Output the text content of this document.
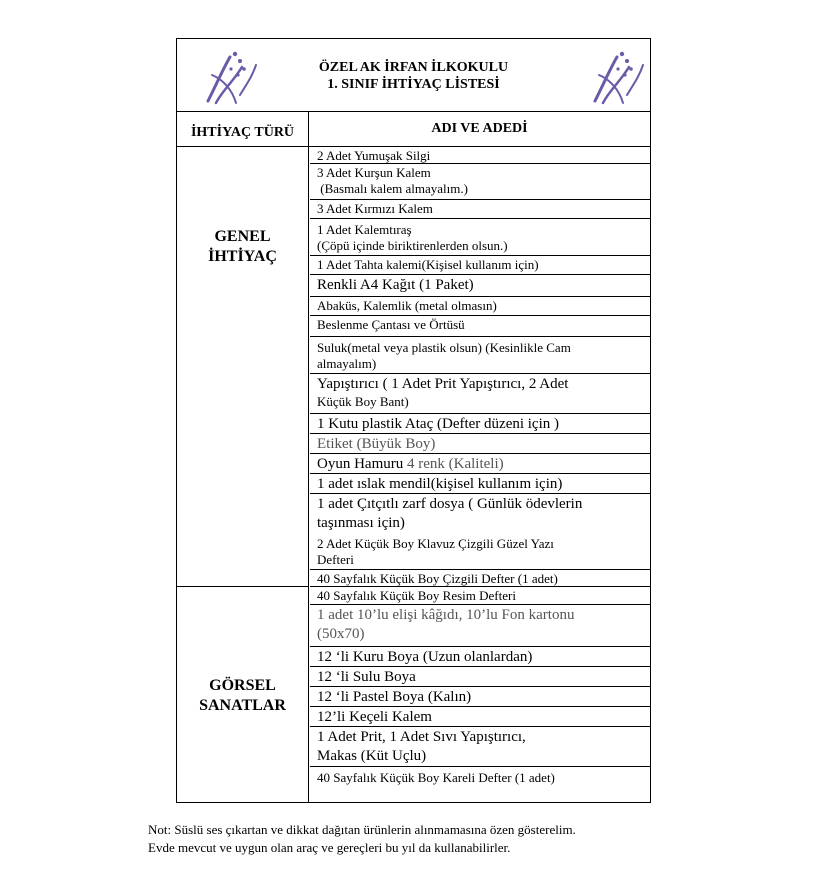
ÖZEL AK İRFAN İLKOKULU
1. SINIF İHTİYAÇ LİSTESİ
İHTİYAÇ TÜRÜ	ADI VE ADEDİ
GENEL
İHTİYAÇ
GÖRSEL
SANATLAR
2 Adet Yumuşak Silgi
3 Adet Kurşun Kalem
(Basmalı kalem almayalım.)
3 Adet Kırmızı Kalem
1 Adet Kalemtıraş
(Çöpü içinde biriktirenlerden olsun.)
1 Adet Tahta kalemi(Kişisel kullanım için)
Renkli A4 Kağıt (1 Paket)
Abaküs, Kalemlik (metal olmasın)
Beslenme Çantası ve Örtüsü
Suluk(metal veya plastik olsun) (Kesinlikle Cam
almayalım)
Yapıştırıcı ( 1 Adet Prit Yapıştırıcı, 2 Adet
Küçük Boy Bant)
1 Kutu plastik Ataç (Defter düzeni için )
Etiket (Büyük Boy)
Oyun Hamuru 4 renk (Kaliteli)
1 adet ıslak mendil(kişisel kullanım için)
1 adet Çıtçıtlı zarf dosya ( Günlük ödevlerin
taşınması için)
2 Adet Küçük Boy Klavuz Çizgili Güzel Yazı
Defteri
40 Sayfalık Küçük Boy Çizgili Defter (1 adet)
40 Sayfalık Küçük Boy Resim Defteri
1 adet 10’lu elişi kâğıdı, 10’lu Fon kartonu
(50x70)
12 ‘li Kuru Boya (Uzun olanlardan)
12 ‘li Sulu Boya
12 ‘li Pastel Boya (Kalın)
12’li Keçeli Kalem
1 Adet Prit, 1 Adet Sıvı Yapıştırıcı,
Makas (Küt Uçlu)
40 Sayfalık Küçük Boy Kareli Defter (1 adet)
Not: Süslü ses çıkartan ve dikkat dağıtan ürünlerin alınmamasına özen gösterelim.
Evde mevcut ve uygun olan araç ve gereçleri bu yıl da kullanabilirler.
